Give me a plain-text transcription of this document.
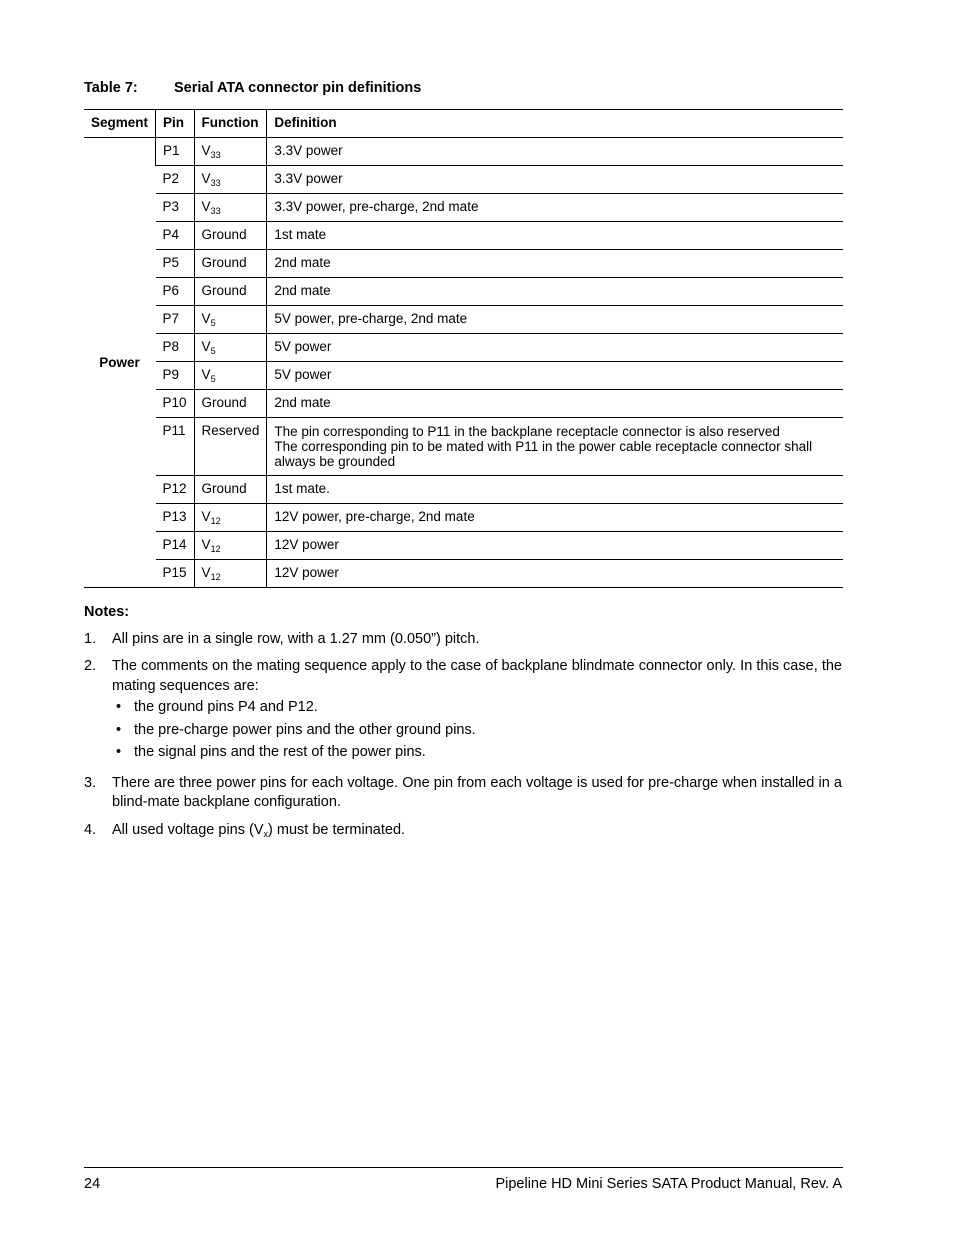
Table 7:	Serial ATA connector pin definitions
Segment	Pin	Function	Definition
Power	P1	$V_{33}$	3.3V power
	P2	$V_{33}$	3.3V power
	P3	$V_{33}$	3.3V power, pre-charge, 2nd mate
	P4	Ground	1st mate
	P5	Ground	2nd mate
	P6	Ground	2nd mate
	P7	$V_5$	5V power, pre-charge, 2nd mate
	P8	$V_5$	5V power
	P9	$V_5$	5V power
	P10	Ground	2nd mate
	P11	Reserved	The pin corresponding to P11 in the backplane receptacle connector is also reserved
The corresponding pin to be mated with P11 in the power cable receptacle connector shall always be grounded

	P12	Ground	1st mate.
	P13	$V_{12}$	12V power, pre-charge, 2nd mate
	P14	$V_{12}$	12V power
	P15	$V_{12}$	12V power
Notes:
1.	All pins are in a single row, with a 1.27 mm (0.050”) pitch.
2.	The comments on the mating sequence apply to the case of backplane blindmate connector only. In this case, the mating sequences are:
• the ground pins P4 and P12.
• the pre-charge power pins and the other ground pins.
• the signal pins and the rest of the power pins.
3.	There are three power pins for each voltage. One pin from each voltage is used for pre-charge when installed in a blind-mate backplane configuration.
4.	All used voltage pins $(V_x)$ must be terminated.
24	Pipeline HD Mini Series SATA Product Manual, Rev. A
